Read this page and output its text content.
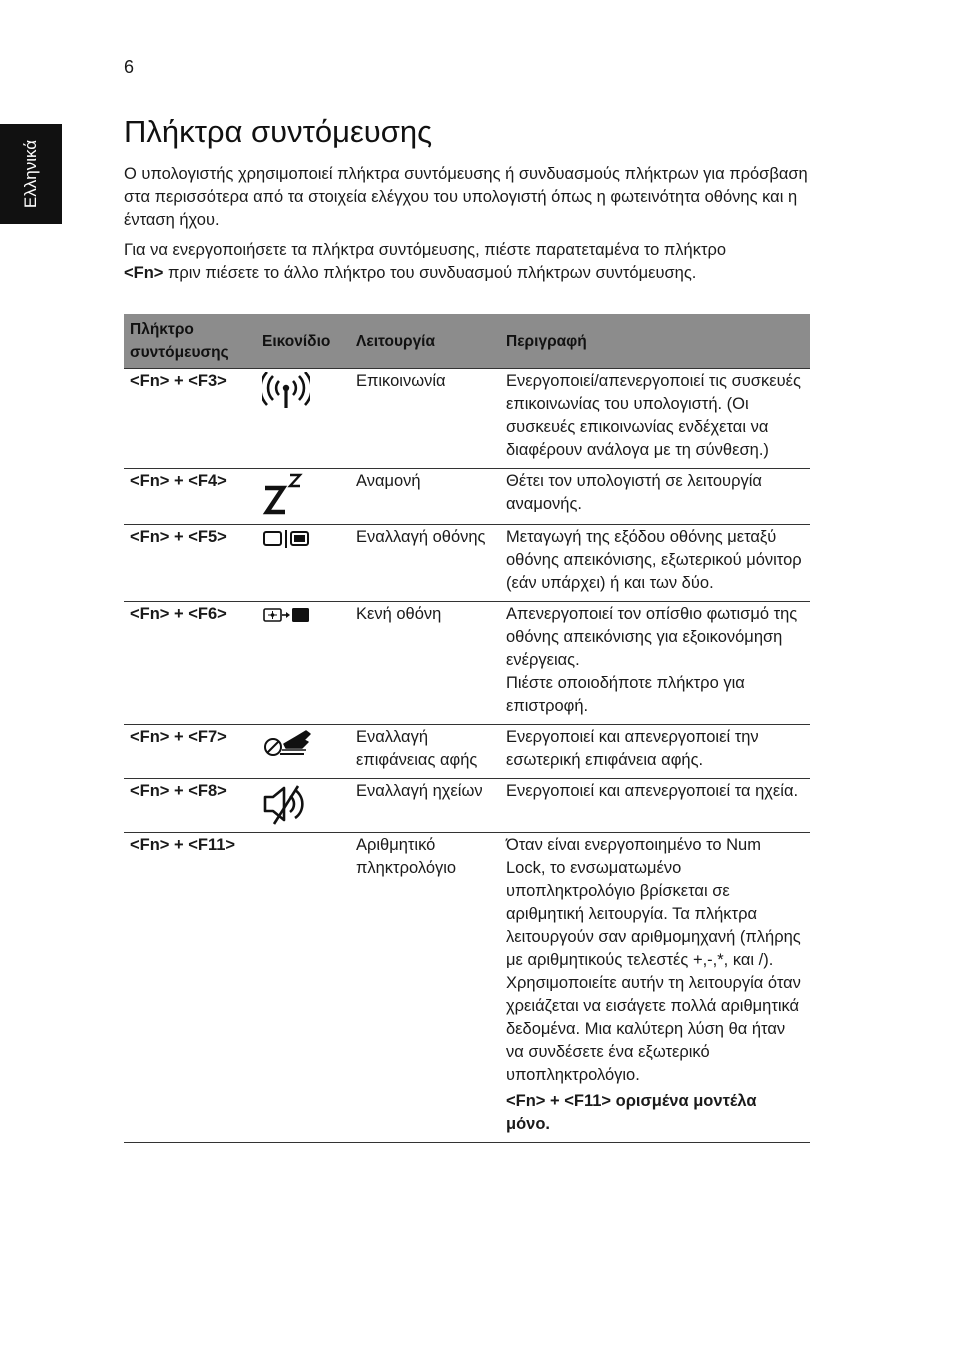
6
Ελληνικά
Πλήκτρα συντόμευσης

Ο υπολογιστής χρησιμοποιεί πλήκτρα συντόμευσης ή συνδυασμούς πλήκτρων για πρόσβαση στα περισσότερα από τα στοιχεία ελέγχου του υπολογιστή όπως η φωτεινότητα οθόνης και η ένταση ήχου.

Για να ενεργοποιήσετε τα πλήκτρα συντόμευσης, πιέστε παρατεταμένα το πλήκτρο
<Fn> πριν πιέσετε το άλλο πλήκτρο του συνδυασμού πλήκτρων συντόμευσης.

Πλήκτρο συντόμευσης	Εικονίδιο	Λειτουργία	Περιγραφή
<Fn> + <F3>		Επικοινωνία	Ενεργοποιεί/απενεργοποιεί τις συσκευές επικοινωνίας του υπολογιστή. (Οι συσκευές επικοινωνίας ενδέχεται να διαφέρουν ανάλογα με τη σύνθεση.)
<Fn> + <F4>		Αναμονή	Θέτει τον υπολογιστή σε λειτουργία αναμονής.
<Fn> + <F5>		Εναλλαγή οθόνης	Μεταγωγή της εξόδου οθόνης μεταξύ οθόνης απεικόνισης, εξωτερικού μόνιτορ (εάν υπάρχει) ή και των δύο.
<Fn> + <F6>		Κενή οθόνη	Απενεργοποιεί τον οπίσθιο φωτισμό της οθόνης απεικόνισης για εξοικονόμηση ενέργειας.
Πιέστε οποιοδήποτε πλήκτρο για επιστροφή.

<Fn> + <F7>		Εναλλαγή επιφάνειας αφής	Ενεργοποιεί και απενεργοποιεί την εσωτερική επιφάνεια αφής.
<Fn> + <F8>		Εναλλαγή ηχείων	Ενεργοποιεί και απενεργοποιεί τα ηχεία.
<Fn> + <F11>		Αριθμητικό πληκτρολόγιο	Όταν είναι ενεργοποιημένο το Num Lock, το ενσωματωμένο υποπληκτρολόγιο βρίσκεται σε αριθμητική λειτουργία. Τα πλήκτρα λειτουργούν σαν αριθμομηχανή (πλήρης με αριθμητικούς τελεστές +,-,*, και /). Χρησιμοποιείτε αυτήν τη λειτουργία όταν χρειάζεται να εισάγετε πολλά αριθμητικά δεδομένα. Μια καλύτερη λύση θα ήταν να συνδέσετε ένα εξωτερικό υποπληκτρολόγιο.
<Fn> + <F11> ορισμένα μοντέλα μόνο.
